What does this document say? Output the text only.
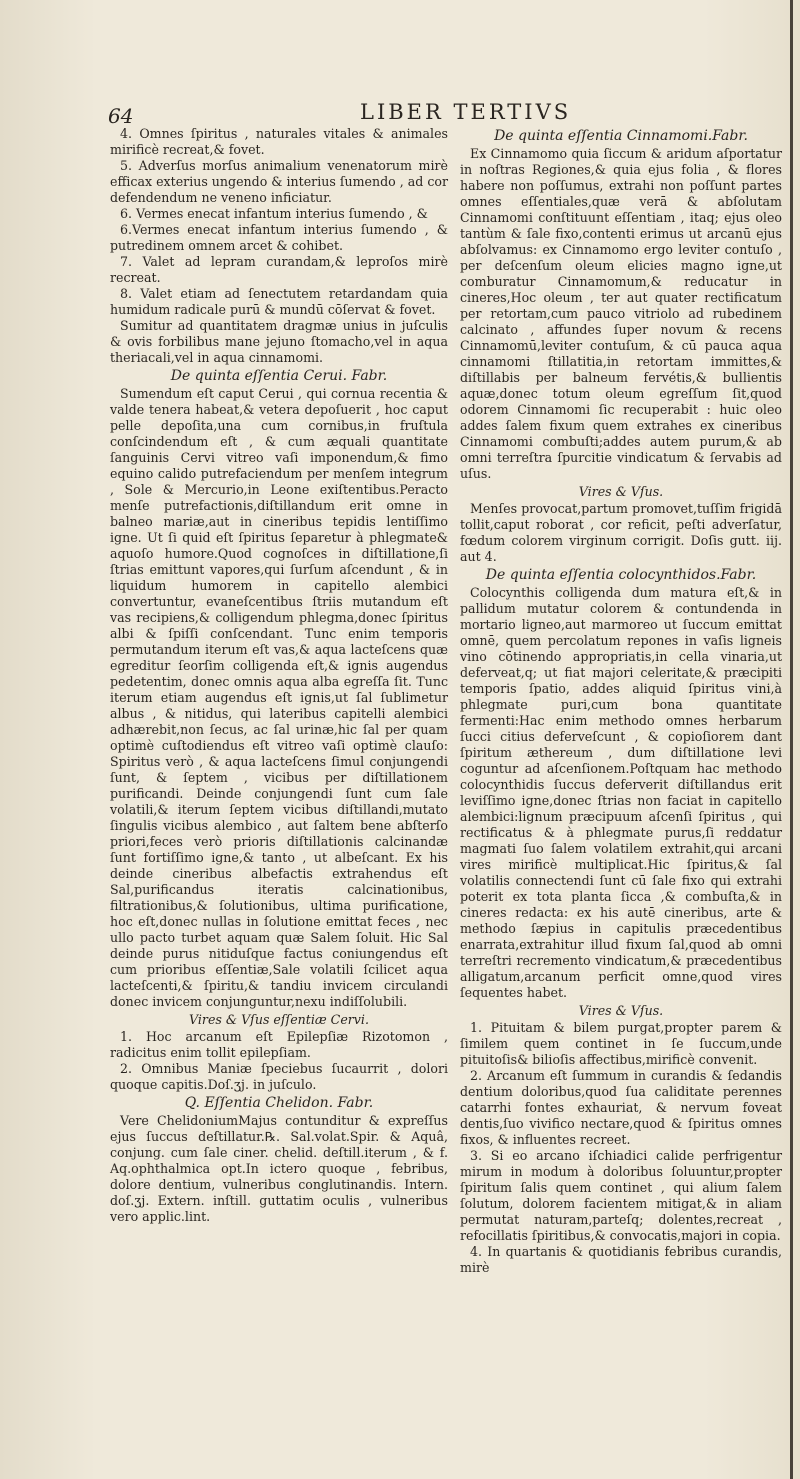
64	LIBER TERTIVS

4. Omnes ſpiritus , naturales vitales & animales mirificè recreat,& fovet.

5. Adverſus morſus animalium venenatorum mirè efficax exterius ungendo & interius ſumendo , ad cor defendendum ne veneno inficiatur.

6. Vermes enecat infantum interius ſumendo , &

6.Vermes enecat infantum interius ſumendo , & putredinem omnem arcet & cohibet.

7. Valet ad lepram curandam,& leproſos mirè recreat.

8. Valet etiam ad ſenectutem retardandam quia humidum radicale purū & mundū cōſervat & fovet.

Sumitur ad quantitatem dragmæ unius in juſculis & ovis forbilibus mane jejuno ſtomacho,vel in aqua theriacali,vel in aqua cinnamomi.

De quinta eſſentia Cerui. Fabr.

Sumendum eſt caput Cerui , qui cornua recentia & valde tenera habeat,& vetera depoſuerit , hoc caput pelle depoſita,una cum cornibus,in fruſtula conſcindendum eſt , & cum æquali quantitate ſanguinis Cervi vitreo vaſi imponendum,& fimo equino calido putrefaciendum per menſem integrum , Sole & Mercurio,in Leone exiſtentibus.Peracto menſe putrefactionis,diſtillandum erit omne in balneo mariæ,aut in cineribus tepidis lentiſſimo igne. Ut ſi quid eſt ſpiritus ſeparetur à phlegmate& aquoſo humore.Quod cognoſces in diſtillatione,ſi ſtrias emittunt vapores,qui ſurſum aſcendunt , & in liquidum humorem in capitello alembici convertuntur, evaneſcentibus ſtriis mutandum eſt vas recipiens,& colligendum phlegma,donec ſpiritus albi & ſpiſſi conſcendant. Tunc enim temporis permutandum iterum eſt vas,& aqua lacteſcens quæ egreditur ſeorſim colligenda eſt,& ignis augendus pedetentim, donec omnis aqua alba egreſſa ſit. Tunc iterum etiam augendus eſt ignis,ut ſal ſublimetur albus , & nitidus, qui lateribus capitelli alembici adhærebit,non ſecus, ac ſal urinæ,hic ſal per quam optimè cuſtodiendus eſt vitreo vaſi optimè clauſo: Spiritus verò , & aqua lacteſcens ſimul conjungendi ſunt, & ſeptem , vicibus per diſtillationem purificandi. Deinde conjungendi ſunt cum ſale volatili,& iterum ſeptem vicibus diſtillandi,mutato ſingulis vicibus alembico , aut ſaltem bene abſterſo priori,feces verò prioris diſtillationis calcinandæ ſunt fortiſſimo igne,& tanto , ut albeſcant. Ex his deinde cineribus albefactis extrahendus eſt Sal,purificandus iteratis calcinationibus, filtrationibus,& ſolutionibus, ultima purificatione, hoc eſt,donec nullas in ſolutione emittat feces , nec ullo pacto turbet aquam quæ Salem ſoluit. Hic Sal deinde purus nitiduſque factus coniungendus eſt cum prioribus eſſentiæ,Sale volatili ſcilicet aqua lacteſcenti,& ſpiritu,& tandiu invicem circulandi donec invicem conjunguntur,nexu indiſſolubili.

Vires & Vſus eſſentiæ Cervi.

1. Hoc arcanum eſt Epilepſiæ Rizotomon , radicitus enim tollit epilepſiam.

2. Omnibus Maniæ ſpeciebus ſucaurrit , dolori quoque capitis.Doſ.ʒj. in juſculo.

Q. Eſſentia Chelidon. Fabr.

Vere ChelidoniumMajus contunditur & expreſſus ejus ſuccus deſtillatur.℞. Sal.volat.Spir. & Aquâ, conjung. cum ſale ciner. chelid. deſtill.iterum , & f. Aq.ophthalmica opt.In ictero quoque , febribus, dolore dentium, vulneribus conglutinandis. Intern. doſ.ʒj. Extern. inſtill. guttatim oculis , vulneribus vero applic.lint.

De quinta eſſentia Cinnamomi.Fabr.

Ex Cinnamomo quia ſiccum & aridum aſportatur in noſtras Regiones,& quia ejus folia , & flores habere non poſſumus, extrahi non poſſunt partes omnes eſſentiales,quæ verā & abſolutam Cinnamomi conſtituunt eſſentiam , itaq; ejus oleo tantùm & ſale fixo,contenti erimus ut arcanū ejus abſolvamus: ex Cinnamomo ergo leviter contuſo , per deſcenſum oleum elicies magno igne,ut comburatur Cinnamomum,& reducatur in cineres,Hoc oleum , ter aut quater rectificatum per retortam,cum pauco vitriolo ad rubedinem calcinato , affundes ſuper novum & recens Cinnamomū,leviter contuſum, & cū pauca aqua cinnamomi ſtillatitia,in retortam immittes,& diſtillabis per balneum fervétis,& bullientis aquæ,donec totum oleum egreſſum ſit,quod odorem Cinnamomi ſic recuperabit : huic oleo addes ſalem fixum quem extrahes ex cineribus Cinnamomi combuſti;addes autem purum,& ab omni terreſtra ſpurcitie vindicatum & ſervabis ad uſus.

Vires & Vſus.

Menſes provocat,partum promovet,tuſſim frigidā tollit,caput roborat , cor reficit, peſti adverſatur, fœdum colorem virginum corrigit. Doſis gutt. iij. aut 4.

De quinta eſſentia colocynthidos.Fabr.

Colocynthis colligenda dum matura eſt,& in pallidum mutatur colorem & contundenda in mortario ligneo,aut marmoreo ut ſuccum emittat omnē, quem percolatum repones in vaſis ligneis vino cōtinendo appropriatis,in cella vinaria,ut deferveat,q; ut fiat majori celeritate,& præcipiti temporis ſpatio, addes aliquid ſpiritus vini,à phlegmate puri,cum bona quantitate fermenti:Hac enim methodo omnes herbarum ſucci citius deferveſcunt , & copioſiorem dant ſpiritum æthereum , dum diſtillatione levi coguntur ad aſcenſionem.Poſtquam hac methodo colocynthidis ſuccus deferverit diſtillandus erit leviſſimo igne,donec ſtrias non faciat in capitello alembici:lignum præcipuum aſcenſi ſpiritus , qui rectificatus & à phlegmate purus,ſi reddatur magmati ſuo ſalem volatilem extrahit,qui arcani vires mirificè multiplicat.Hic ſpiritus,& ſal volatilis connectendi ſunt cū ſale fixo qui extrahi poterit ex tota planta ſicca ,& combuſta,& in cineres redacta: ex his autē cineribus, arte & methodo ſæpius in capitulis præcedentibus enarrata,extrahitur illud fixum ſal,quod ab omni terreſtri recremento vindicatum,& præcedentibus alligatum,arcanum perficit omne,quod vires ſequentes habet.

Vires & Vſus.

1. Pituitam & bilem purgat,propter parem & ſimilem quem continet in ſe ſuccum,unde pituitoſis& bilioſis affectibus,mirificè convenit.

2. Arcanum eſt ſummum in curandis & ſedandis dentium doloribus,quod ſua caliditate perennes catarrhi fontes exhauriat, & nervum foveat dentis,ſuo vivifico nectare,quod & ſpiritus omnes fixos, & influentes recreet.

3. Si eo arcano iſchiadici calide perfrigentur mirum in modum à doloribus ſoluuntur,propter ſpiritum ſalis quem continet , qui alium ſalem ſolutum, dolorem facientem mitigat,& in aliam permutat naturam,parteſq; dolentes,recreat , refocillatis ſpiritibus,& convocatis,majori in copia.

4. In quartanis & quotidianis febribus curandis, mirè
